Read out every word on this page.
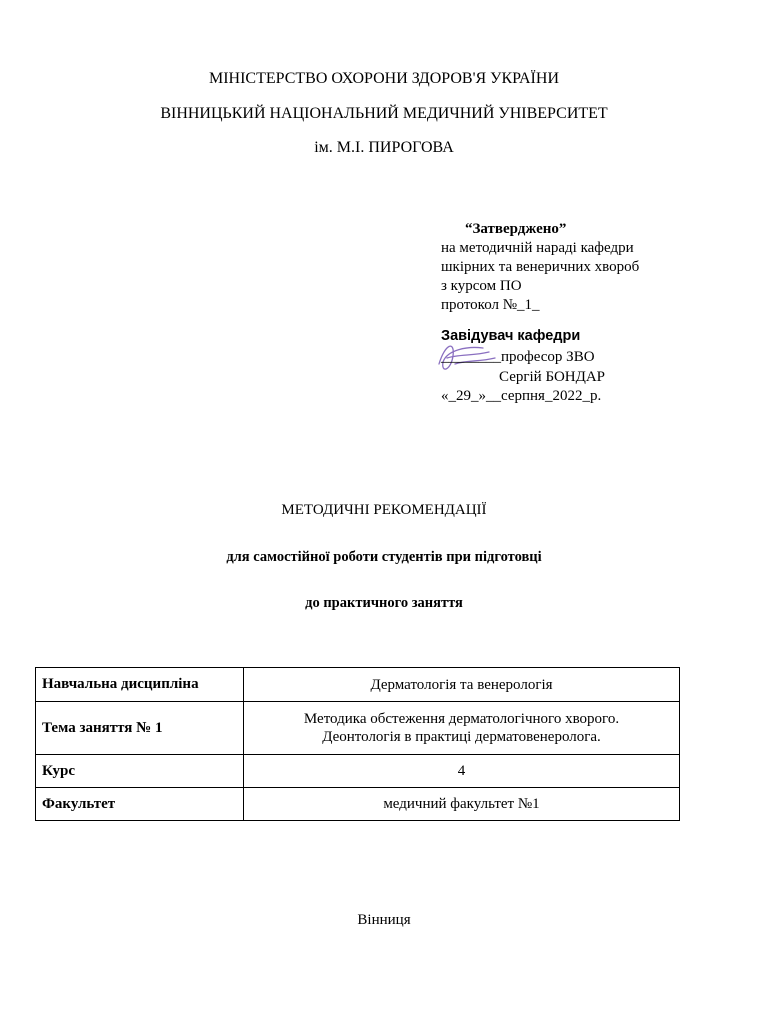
МІНІСТЕРСТВО ОХОРОНИ ЗДОРОВ'Я УКРАЇНИ
ВІННИЦЬКИЙ НАЦІОНАЛЬНИЙ МЕДИЧНИЙ УНІВЕРСИТЕТ
ім. М.І. ПИРОГОВА
“Затверджено”
на методичній нараді кафедри
шкірних та венеричних хвороб
з курсом ПО
протокол №_1_
Завідувач кафедри
________професор ЗВО
Сергій БОНДАР
«_29_»__серпня_2022_р.
МЕТОДИЧНІ РЕКОМЕНДАЦІЇ
для самостійної роботи студентів при підготовці
до практичного заняття
Навчальна дисципліна	Дерматологія та венерологія

Тема заняття № 1	Методика обстеження дерматологічного хворого.
Деонтологія в практиці дерматовенеролога.

Курс	4

Факультет	медичний факультет №1
Вінниця
